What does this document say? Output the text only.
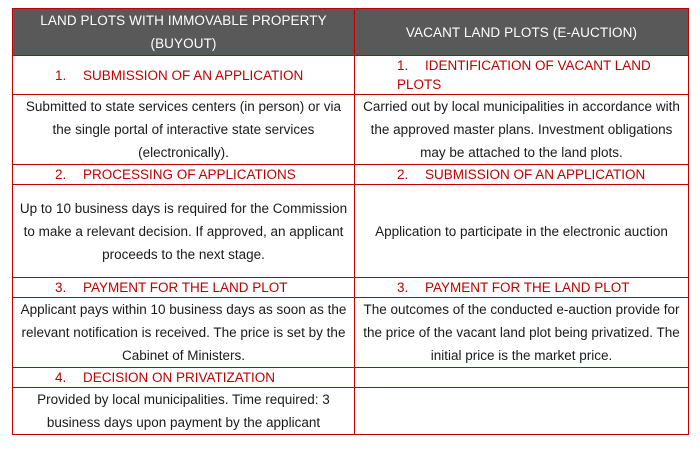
LAND PLOTS WITH IMMOVABLE PROPERTY (BUYOUT)	VACANT LAND PLOTS (E-AUCTION)
1. SUBMISSION OF AN APPLICATION	1. IDENTIFICATION OF VACANT LAND PLOTS
Submitted to state services centers (in person) or via the single portal of interactive state services (electronically).	Carried out by local municipalities in accordance with the approved master plans. Investment obligations may be attached to the land plots.
2. PROCESSING OF APPLICATIONS	2. SUBMISSION OF AN APPLICATION
Up to 10 business days is required for the Commission to make a relevant decision. If approved, an applicant proceeds to the next stage.	Application to participate in the electronic auction
3. PAYMENT FOR THE LAND PLOT	3. PAYMENT FOR THE LAND PLOT
Applicant pays within 10 business days as soon as the relevant notification is received. The price is set by the Cabinet of Ministers.	The outcomes of the conducted e-auction provide for the price of the vacant land plot being privatized. The initial price is the market price.
4. DECISION ON PRIVATIZATION	
Provided by local municipalities. Time required: 3 business days upon payment by the applicant	
